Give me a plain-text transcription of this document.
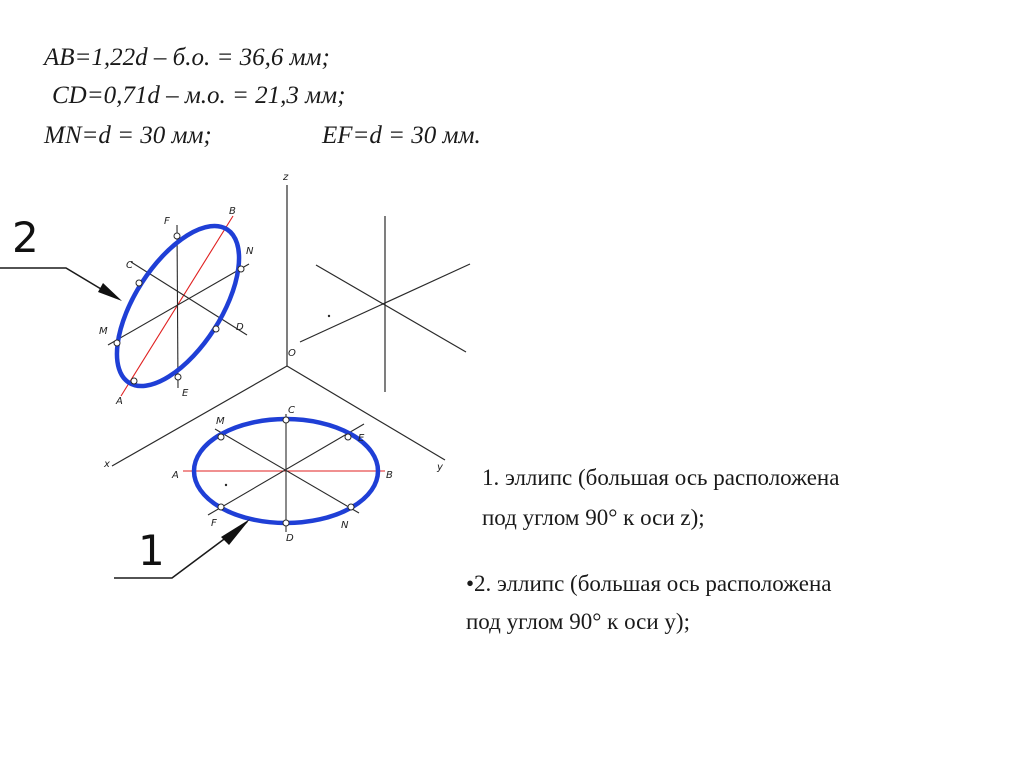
AB=1,22d – б.о. = 36,6 мм;
CD=0,71d – м.о. = 21,3 мм;
MN=d = 30 мм;	EF=d = 30 мм.
z
x	y
O
B
F
N
C
D
M
E
A
M
C
E
A	B
F	N
D
2
1
1. эллипс (большая ось расположена
под углом 90° к оси z);
•2. эллипс (большая ось расположена
под углом 90° к оси y);
